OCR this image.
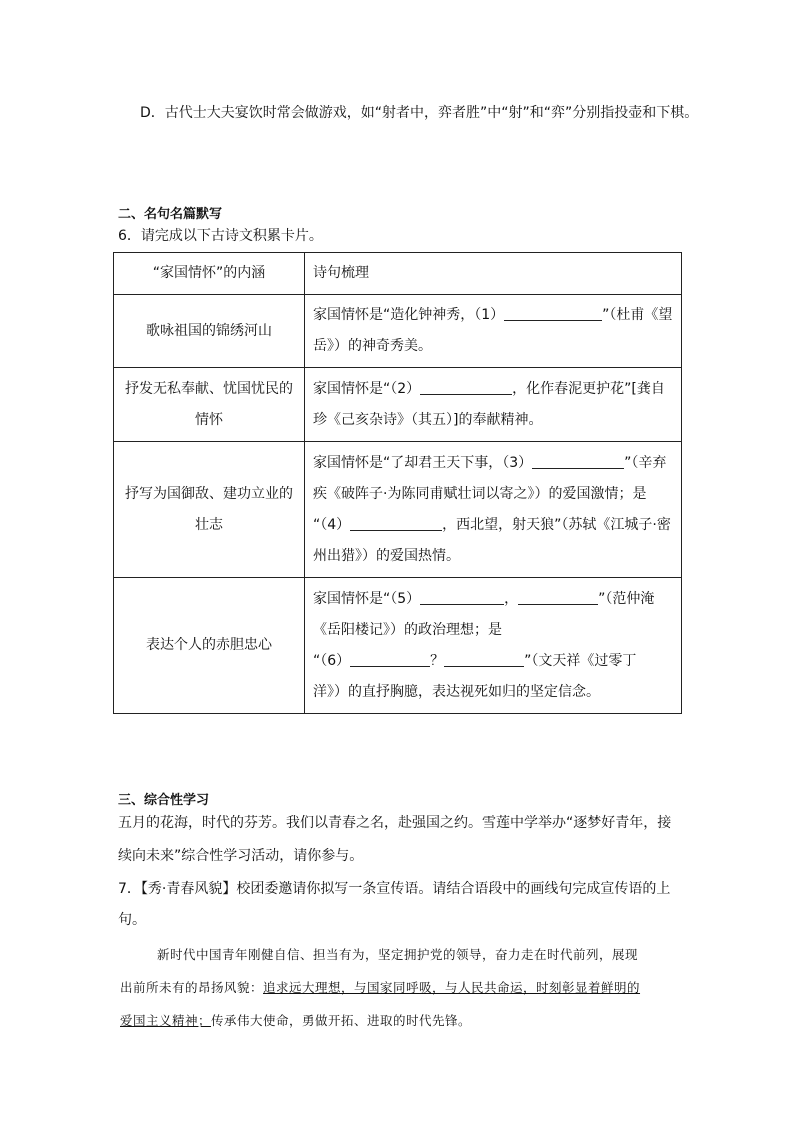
D．古代士大夫宴饮时常会做游戏，如“射者中，弈者胜”中“射”和“弈”分别指投壶和下棋。
二、名句名篇默写
6．请完成以下古诗文积累卡片。
“家国情怀”的内涵	诗句梳理
歌咏祖国的锦绣河山	家国情怀是“造化钟神秀，（1） ”（杜甫《望
岳》）的神奇秀美。
抒发无私奉献、忧国忧民的情怀	家国情怀是“（2） ，化作春泥更护花”[龚自
珍《己亥杂诗》（其五）]的奉献精神。
抒写为国御敌、建功立业的壮志	家国情怀是“了却君王天下事，（3） ”（辛弃
疾《破阵子·为陈同甫赋壮词以寄之》）的爱国激情；是
“（4） ，西北望，射天狼”（苏轼《江城子·密
州出猎》）的爱国热情。
表达个人的赤胆忠心	家国情怀是“（5） ， ”（范仲淹
《岳阳楼记》）的政治理想；是
“（6） ？ ”（文天祥《过零丁
洋》）的直抒胸臆，表达视死如归的坚定信念。
三、综合性学习
五月的花海，时代的芬芳。我们以青春之名，赴强国之约。雪莲中学举办“逐梦好青年，接
续向未来”综合性学习活动，请你参与。
7．【秀·青春风貌】校团委邀请你拟写一条宣传语。请结合语段中的画线句完成宣传语的上
句。
新时代中国青年刚健自信、担当有为，坚定拥护党的领导，奋力走在时代前列，展现
出前所未有的昂扬风貌：追求远大理想，与国家同呼吸，与人民共命运，时刻彰显着鲜明的
爱国主义精神；传承伟大使命，勇做开拓、进取的时代先锋。
